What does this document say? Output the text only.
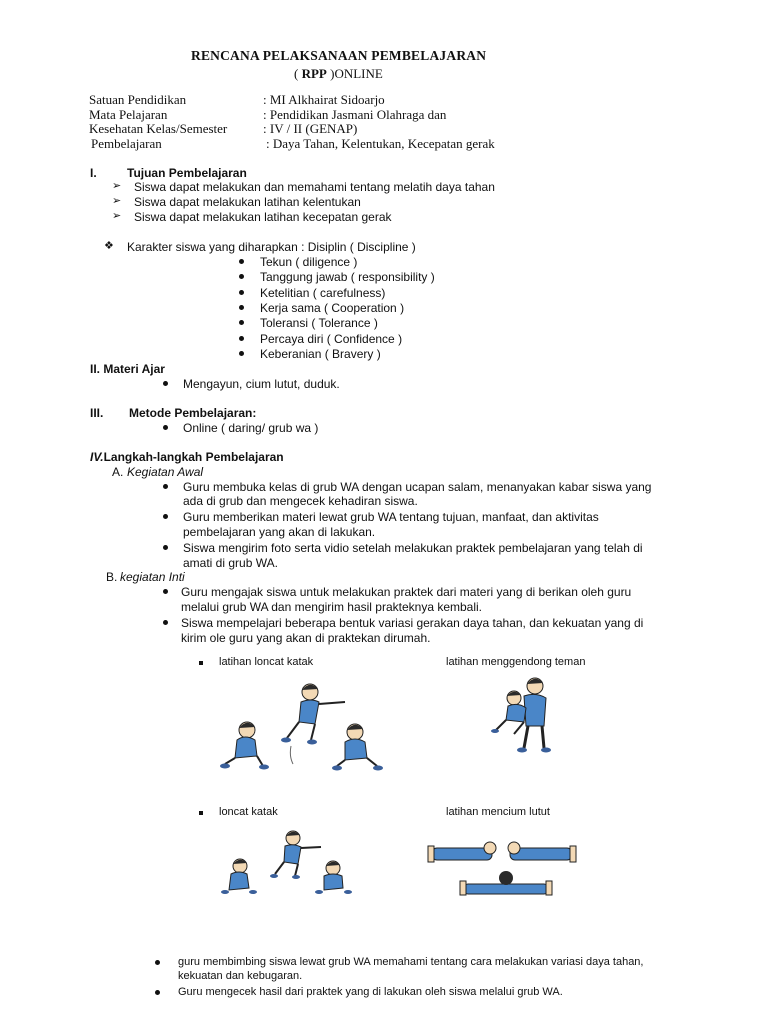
RENCANA PELAKSANAAN PEMBELAJARAN
( RPP )ONLINE
Satuan Pendidikan	: MI Alkhairat Sidoarjo
Mata Pelajaran	: Pendidikan Jasmani Olahraga dan
Kesehatan Kelas/Semester	: IV / II (GENAP)
Pembelajaran	: Daya Tahan, Kelentukan, Kecepatan gerak
I.	Tujuan Pembelajaran
➢ Siswa dapat melakukan dan memahami tentang melatih daya tahan
➢ Siswa dapat melakukan latihan kelentukan
➢ Siswa dapat melakukan latihan kecepatan gerak
❖ Karakter siswa yang diharapkan : Disiplin ( Discipline )
Tekun ( diligence )
Tanggung jawab ( responsibility )
Ketelitian ( carefulness)
Kerja sama ( Cooperation )
Toleransi ( Tolerance )
Percaya diri ( Confidence )
Keberanian ( Bravery )
II. Materi Ajar
Mengayun, cium lutut, duduk.
III. Metode Pembelajaran:
Online ( daring/ grub wa )
IV.Langkah-langkah Pembelajaran
A. Kegiatan Awal
Guru membuka kelas di grub WA dengan ucapan salam, menanyakan kabar siswa yang
ada di grub dan mengecek kehadiran siswa.
Guru memberikan materi lewat grub WA tentang tujuan, manfaat, dan aktivitas
pembelajaran yang akan di lakukan.
Siswa mengirim foto serta vidio setelah melakukan praktek pembelajaran yang telah di
amati di grub WA.
B. kegiatan Inti
Guru mengajak siswa untuk melakukan praktek dari materi yang di berikan oleh guru
melalui grub WA dan mengirim hasil prakteknya kembali.
Siswa mempelajari beberapa bentuk variasi gerakan daya tahan, dan kekuatan yang di
kirim ole guru yang akan di praktekan dirumah.
latihan loncat katak	latihan menggendong teman
loncat katak	latihan mencium lutut
guru membimbing siswa lewat grub WA memahami tentang cara melakukan variasi daya tahan,
kekuatan dan kebugaran.
Guru mengecek hasil dari praktek yang di lakukan oleh siswa melalui grub WA.
